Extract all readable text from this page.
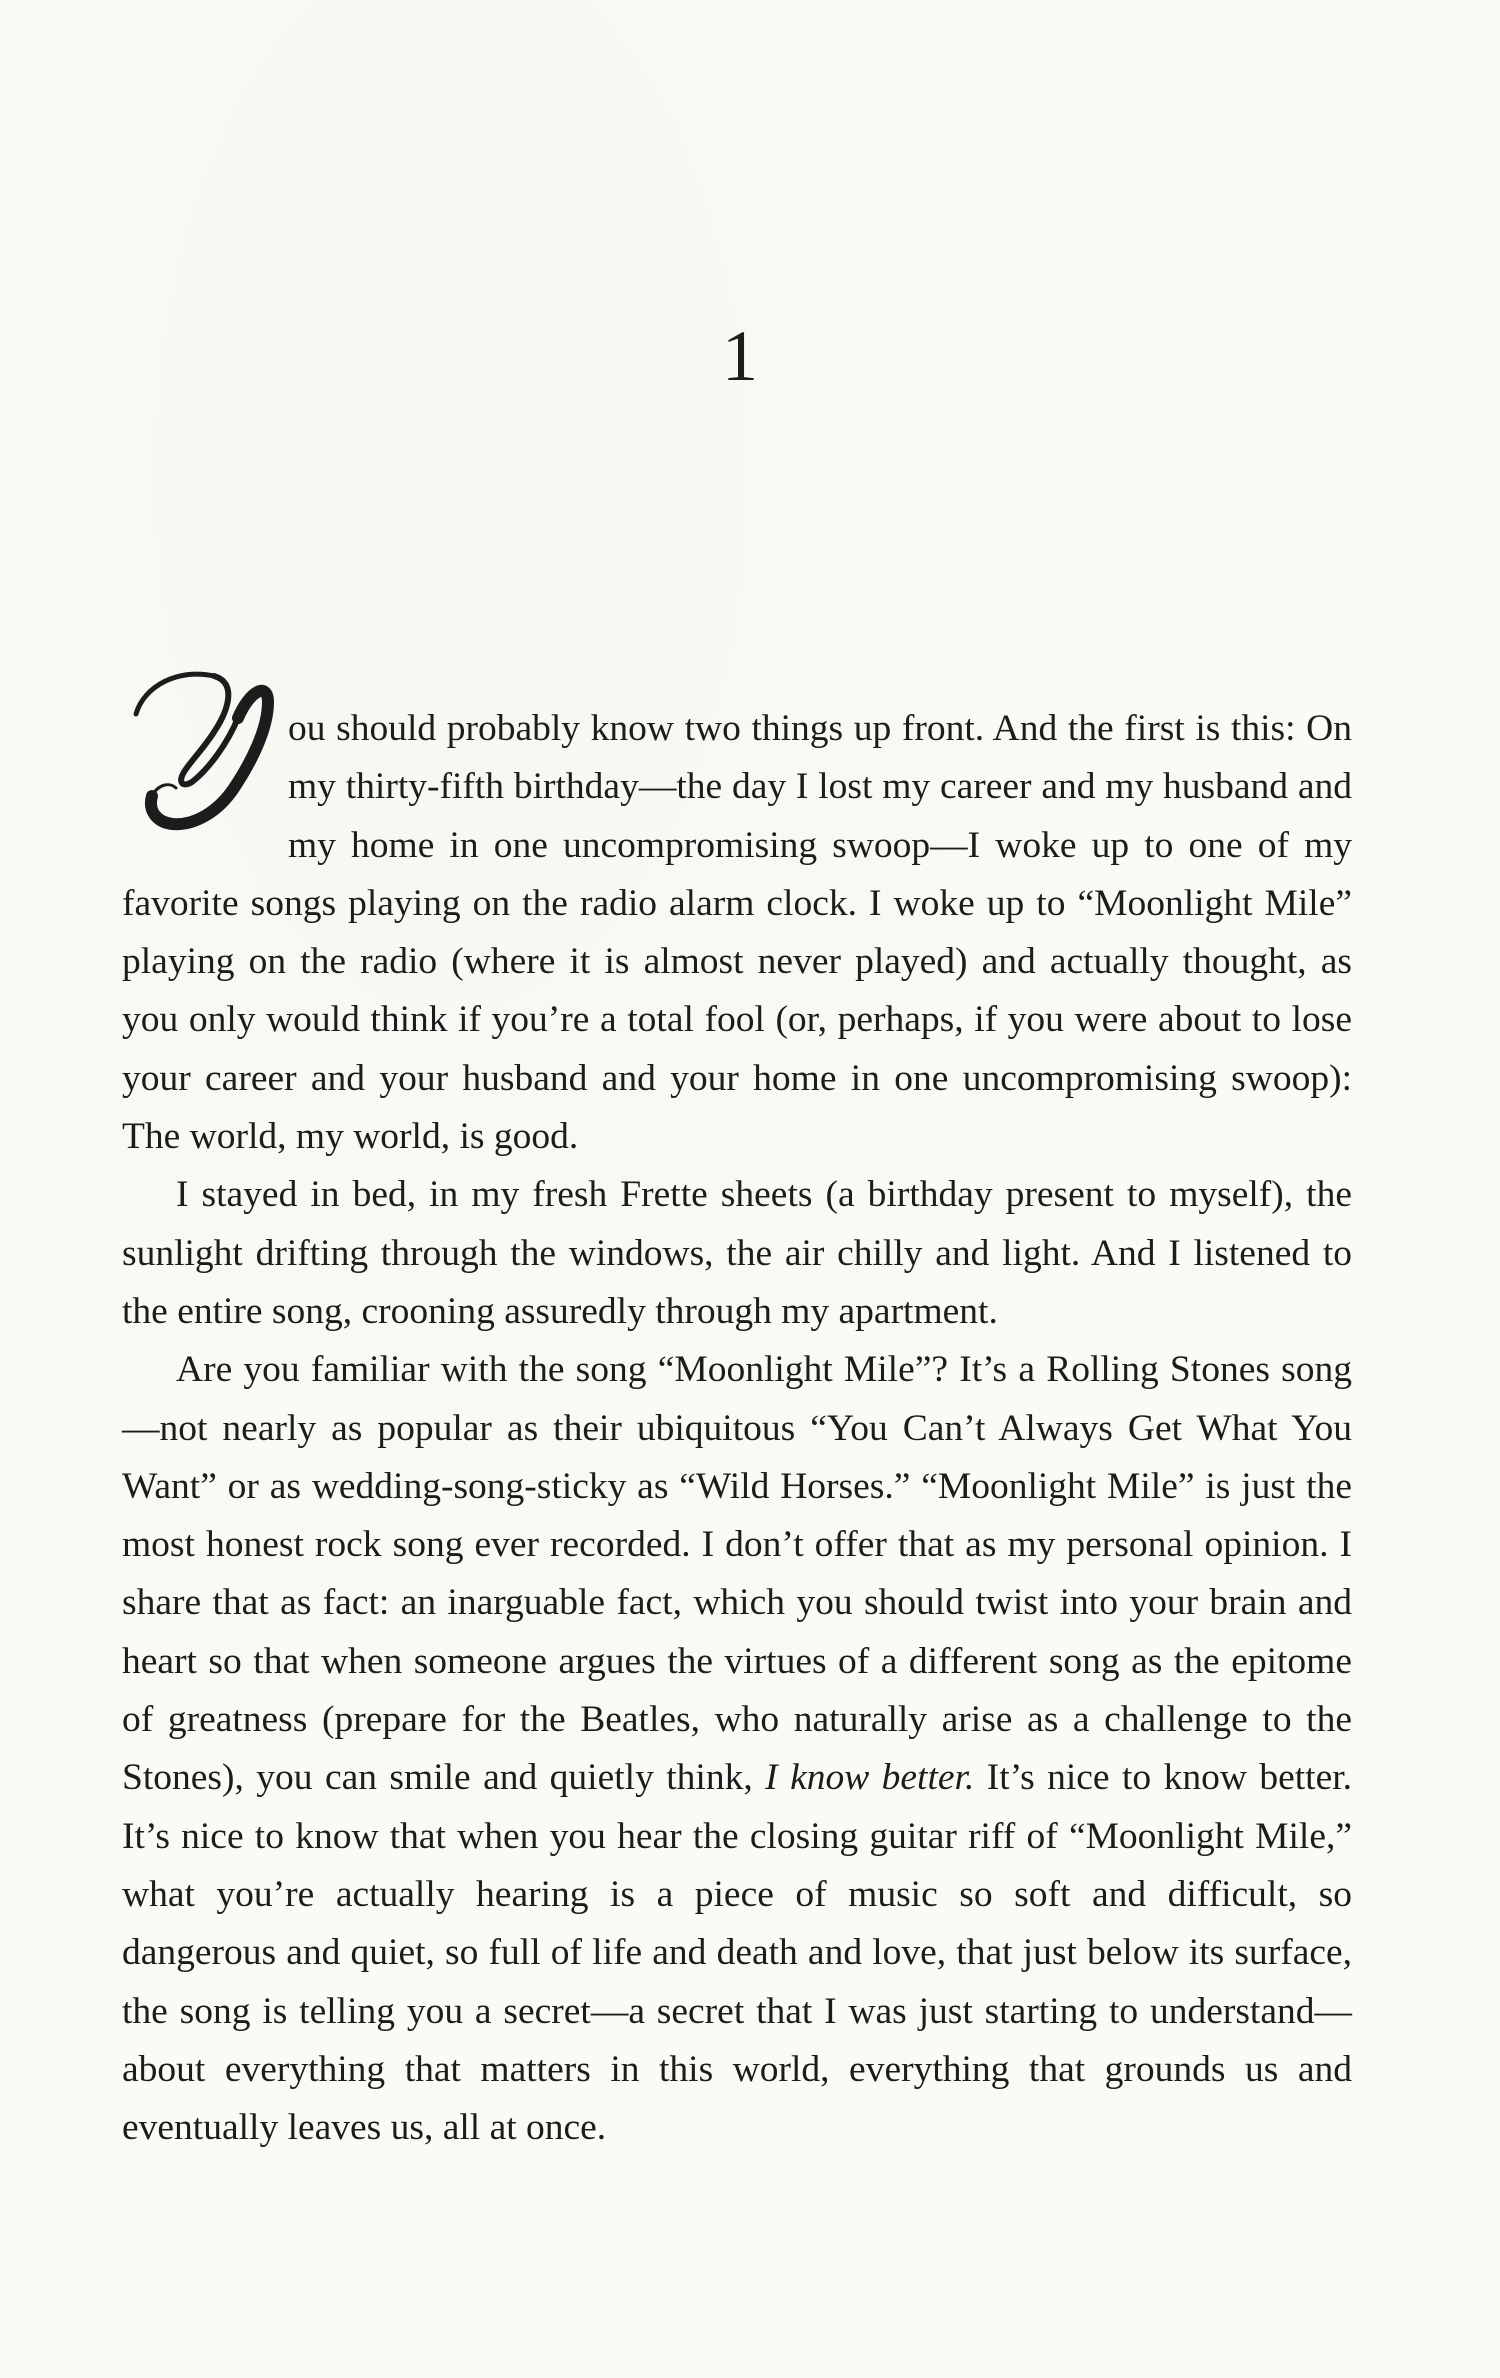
1

ou should probably know two things up front. And the first is this: On my thirty-fifth birthday—the day I lost my career and my husband and my home in one uncompromising swoop—I woke up to one of my favorite songs playing on the radio alarm clock. I woke up to “Moonlight Mile” playing on the radio (where it is almost never played) and actually thought, as you only would think if you’re a total fool (or, perhaps, if you were about to lose your career and your husband and your home in one uncompromising swoop): The world, my world, is good.

I stayed in bed, in my fresh Frette sheets (a birthday present to myself), the sunlight drifting through the windows, the air chilly and light. And I listened to the entire song, crooning assuredly through my apartment.

Are you familiar with the song “Moonlight Mile”? It’s a Rolling Stones song—not nearly as popular as their ubiquitous “You Can’t Always Get What You Want” or as wedding-song-sticky as “Wild Horses.” “Moonlight Mile” is just the most honest rock song ever recorded. I don’t offer that as my personal opinion. I share that as fact: an inarguable fact, which you should twist into your brain and heart so that when someone argues the virtues of a different song as the epitome of greatness (prepare for the Beatles, who naturally arise as a challenge to the Stones), you can smile and quietly think, I know better. It’s nice to know better. It’s nice to know that when you hear the closing guitar riff of “Moonlight Mile,” what you’re actually hearing is a piece of music so soft and difficult, so dangerous and quiet, so full of life and death and love, that just below its surface, the song is telling you a secret—a secret that I was just starting to understand—about everything that matters in this world, everything that grounds us and eventually leaves us, all at once.
